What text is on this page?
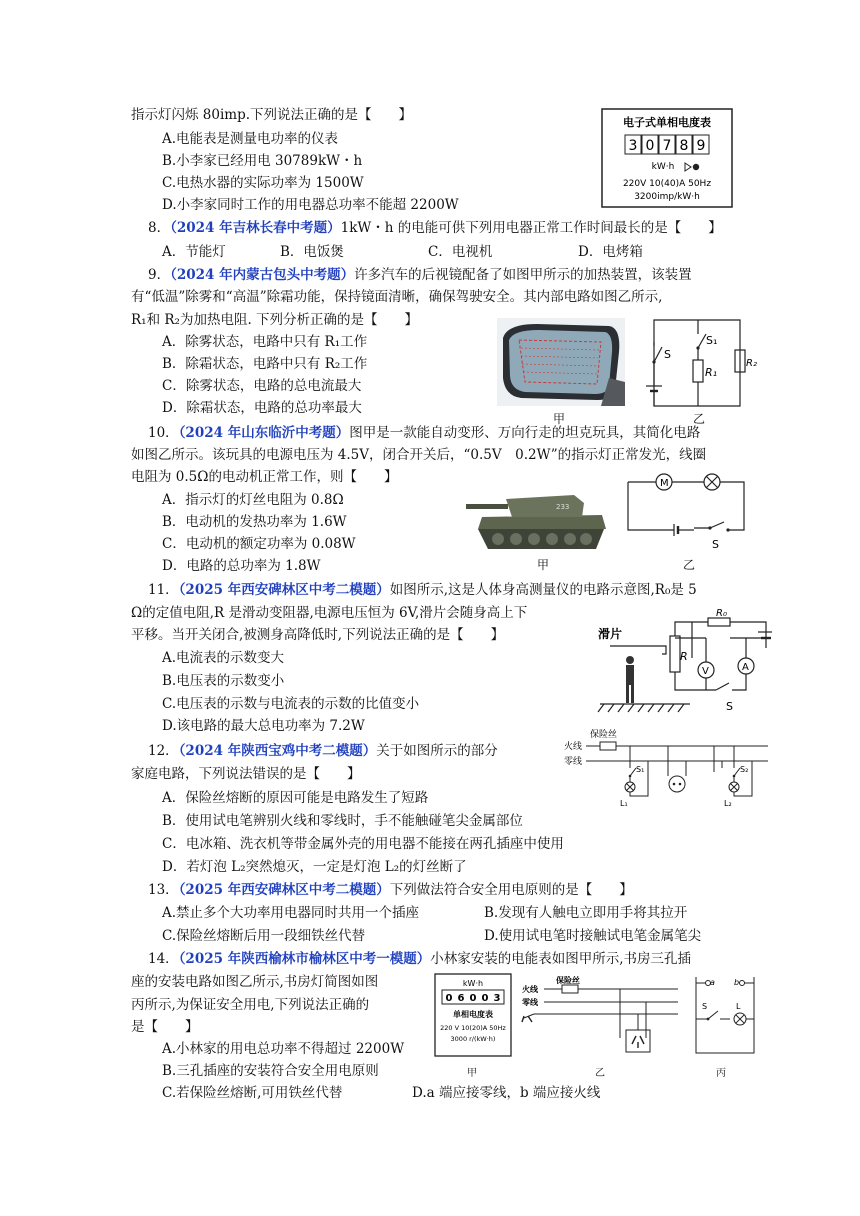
指示灯闪烁 80imp.下列说法正确的是【　　】
A.电能表是测量电功率的仪表
B.小李家已经用电 30789kW・h
C.电热水器的实际功率为 1500W
D.小李家同时工作的用电器总功率不能超 2200W
电子式单相电度表
3 0 7 8 9
kW·h
220V 10(40)A 50Hz
3200imp/kW·h
8．（2024 年吉林长春中考题）1kW・h 的电能可供下列用电器正常工作时间最长的是【　　】
A．节能灯	B．电饭煲	C．电视机	D．电烤箱
9．（2024 年内蒙古包头中考题）许多汽车的后视镜配备了如图甲所示的加热装置，该装置
有“低温”除雾和“高温”除霜功能，保持镜面清晰，确保驾驶安全。其内部电路如图乙所示,
R₁和 R₂为加热电阻. 下列分析正确的是【　　】
A．除雾状态，电路中只有 R₁工作
B．除霜状态，电路中只有 R₂工作
C．除雾状态，电路的总电流最大
D．除霜状态，电路的总功率最大
甲
S
S₁
R₁
R₂
乙
10．（2024 年山东临沂中考题）图甲是一款能自动变形、万向行走的坦克玩具，其简化电路
如图乙所示。该玩具的电源电压为 4.5V，闭合开关后，“0.5V　0.2W”的指示灯正常发光，线圈
电阻为 0.5Ω的电动机正常工作，则【　　】
A．指示灯的灯丝电阻为 0.8Ω
B．电动机的发热功率为 1.6W
C．电动机的额定功率为 0.08W
D．电路的总功率为 1.8W
233
甲
M
S
乙
11．（2025 年西安碑林区中考二模题）如图所示,这是人体身高测量仪的电路示意图,R₀是 5
Ω的定值电阻,R 是滑动变阻器,电源电压恒为 6V,滑片会随身高上下
平移。当开关闭合,被测身高降低时,下列说法正确的是【　　】
A.电流表的示数变大
B.电压表的示数变小
C.电压表的示数与电流表的示数的比值变小
D.该电路的最大总电功率为 7.2W
滑片
R
R₀
V	A
S
12．（2024 年陕西宝鸡中考二模题）关于如图所示的部分
家庭电路，下列说法错误的是【　　】
A．保险丝熔断的原因可能是电路发生了短路
B．使用试电笔辨别火线和零线时，手不能触碰笔尖金属部位
C．电冰箱、洗衣机等带金属外壳的用电器不能接在两孔插座中使用
D．若灯泡 L₂突然熄灭，一定是灯泡 L₂的灯丝断了
保险丝
火线
零线
S₁	S₂
L₁	L₂
13．（2025 年西安碑林区中考二模题）下列做法符合安全用电原则的是【　　】
A.禁止多个大功率用电器同时共用一个插座	B.发现有人触电立即用手将其拉开
C.保险丝熔断后用一段细铁丝代替	D.使用试电笔时接触试电笔金属笔尖
14．（2025 年陕西榆林市榆林区中考一模题）小林家安装的电能表如图甲所示,书房三孔插
座的安装电路如图乙所示,书房灯简图如图
丙所示,为保证安全用电,下列说法正确的
是【　　】
A.小林家的用电总功率不得超过 2200W
B.三孔插座的安装符合安全用电原则
C.若保险丝熔断,可用铁丝代替	D.a 端应接零线，b 端应接火线
kW·h
0 6 0 0 3
单相电度表
220 V 10(20)A 50Hz
3000 r/(kW·h)
甲
保险丝
火线
零线
乙
a b
S	L
丙
